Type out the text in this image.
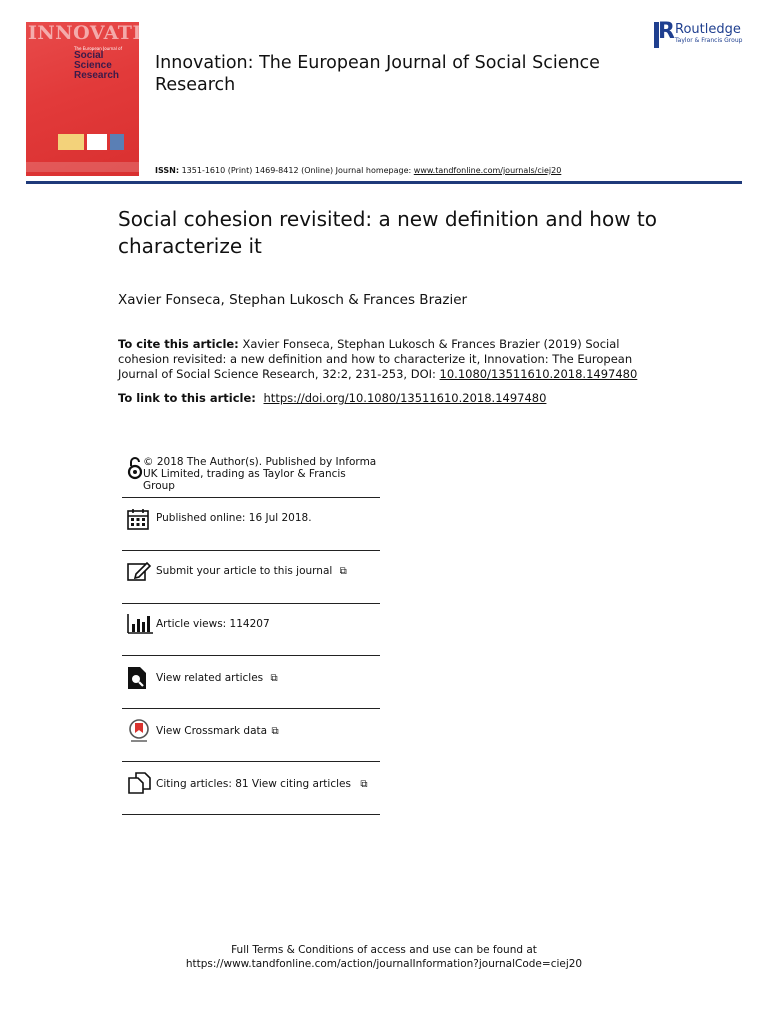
INNOVATION
The European Journal of
Social
Science
Research

Innovation: The European Journal of Social Science Research
R Routledge
Taylor & Francis Group
ISSN: 1351-1610 (Print) 1469-8412 (Online) Journal homepage: www.tandfonline.com/journals/ciej20
Social cohesion revisited: a new definition and how to characterize it
Xavier Fonseca, Stephan Lukosch & Frances Brazier
To cite this article: Xavier Fonseca, Stephan Lukosch & Frances Brazier (2019) Social cohesion revisited: a new definition and how to characterize it, Innovation: The European Journal of Social Science Research, 32:2, 231-253, DOI: 10.1080/13511610.2018.1497480
To link to this article: https://doi.org/10.1080/13511610.2018.1497480
© 2018 The Author(s). Published by Informa UK Limited, trading as Taylor & Francis Group
Published online: 16 Jul 2018.
Submit your article to this journal ⧉
Article views: 114207
View related articles ⧉
View Crossmark data ⧉
Citing articles: 81 View citing articles ⧉
Full Terms & Conditions of access and use can be found at
https://www.tandfonline.com/action/journalInformation?journalCode=ciej20
